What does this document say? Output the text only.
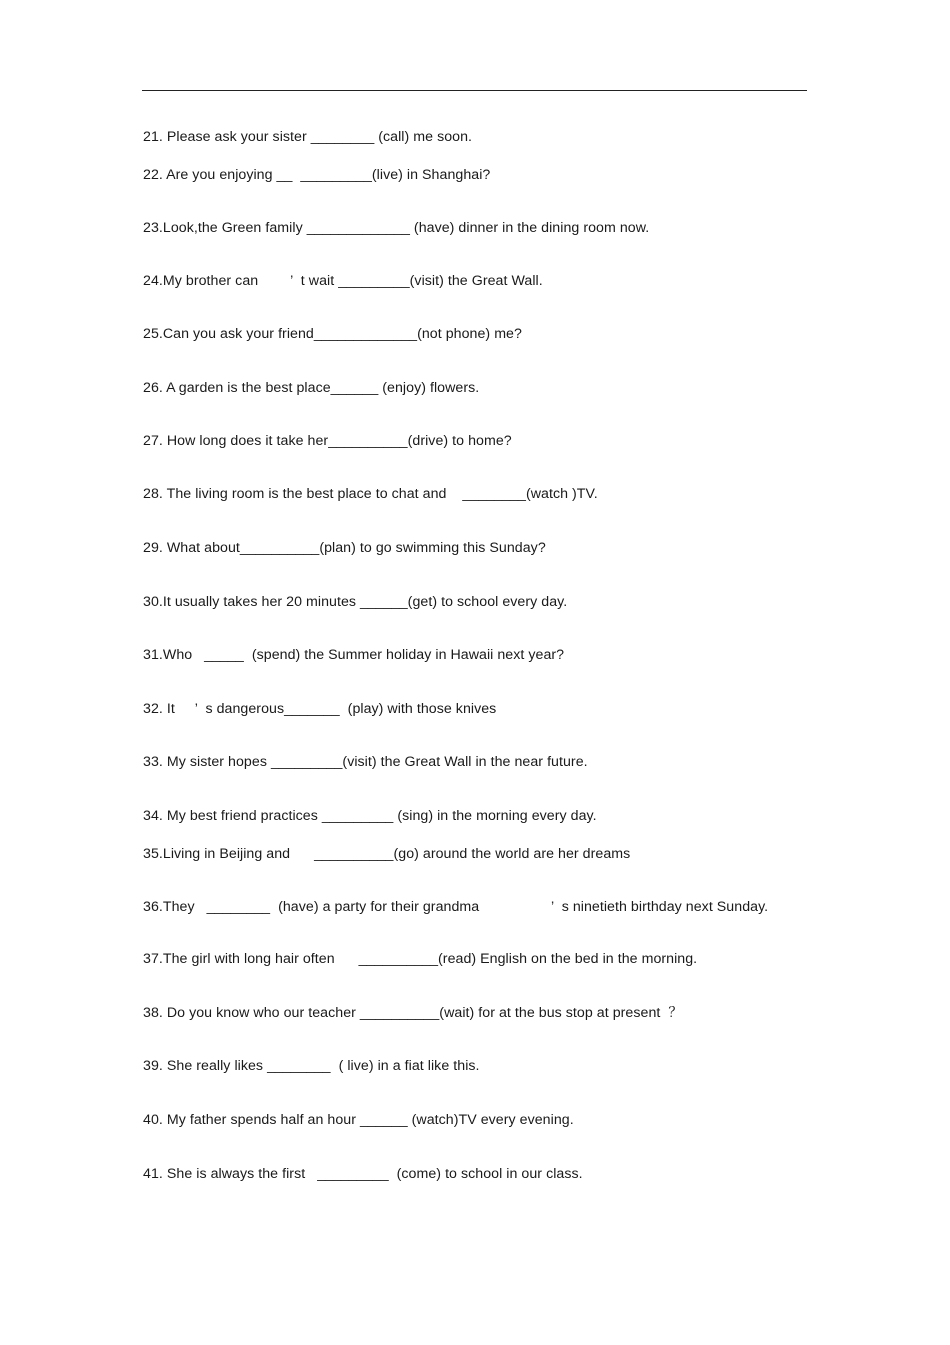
21. Please ask your sister ________ (call) me soon.
22. Are you enjoying __  _________(live) in Shanghai?
23.Look,the Green family _____________ (have) dinner in the dining room now.
24.My brother can        ’  t wait _________(visit) the Great Wall.
25.Can you ask your friend_____________(not phone) me?
26. A garden is the best place______ (enjoy) flowers.
27. How long does it take her__________(drive) to home?
28. The living room is the best place to chat and    ________(watch )TV.
29. What about__________(plan) to go swimming this Sunday?
30.It usually takes her 20 minutes ______(get) to school every day.
31.Who   _____  (spend) the Summer holiday in Hawaii next year?
32. It     ’  s dangerous_______  (play) with those knives
33. My sister hopes _________(visit) the Great Wall in the near future.
34. My best friend practices _________ (sing) in the morning every day.
35.Living in Beijing and      __________(go) around the world are her dreams
36.They   ________  (have) a party for their grandma                  ’  s ninetieth birthday next Sunday.
37.The girl with long hair often      __________(read) English on the bed in the morning.
38. Do you know who our teacher __________(wait) for at the bus stop at present  ？
39. She really likes ________  ( live) in a fiat like this.
40. My father spends half an hour ______ (watch)TV every evening.
41. She is always the first   _________  (come) to school in our class.
